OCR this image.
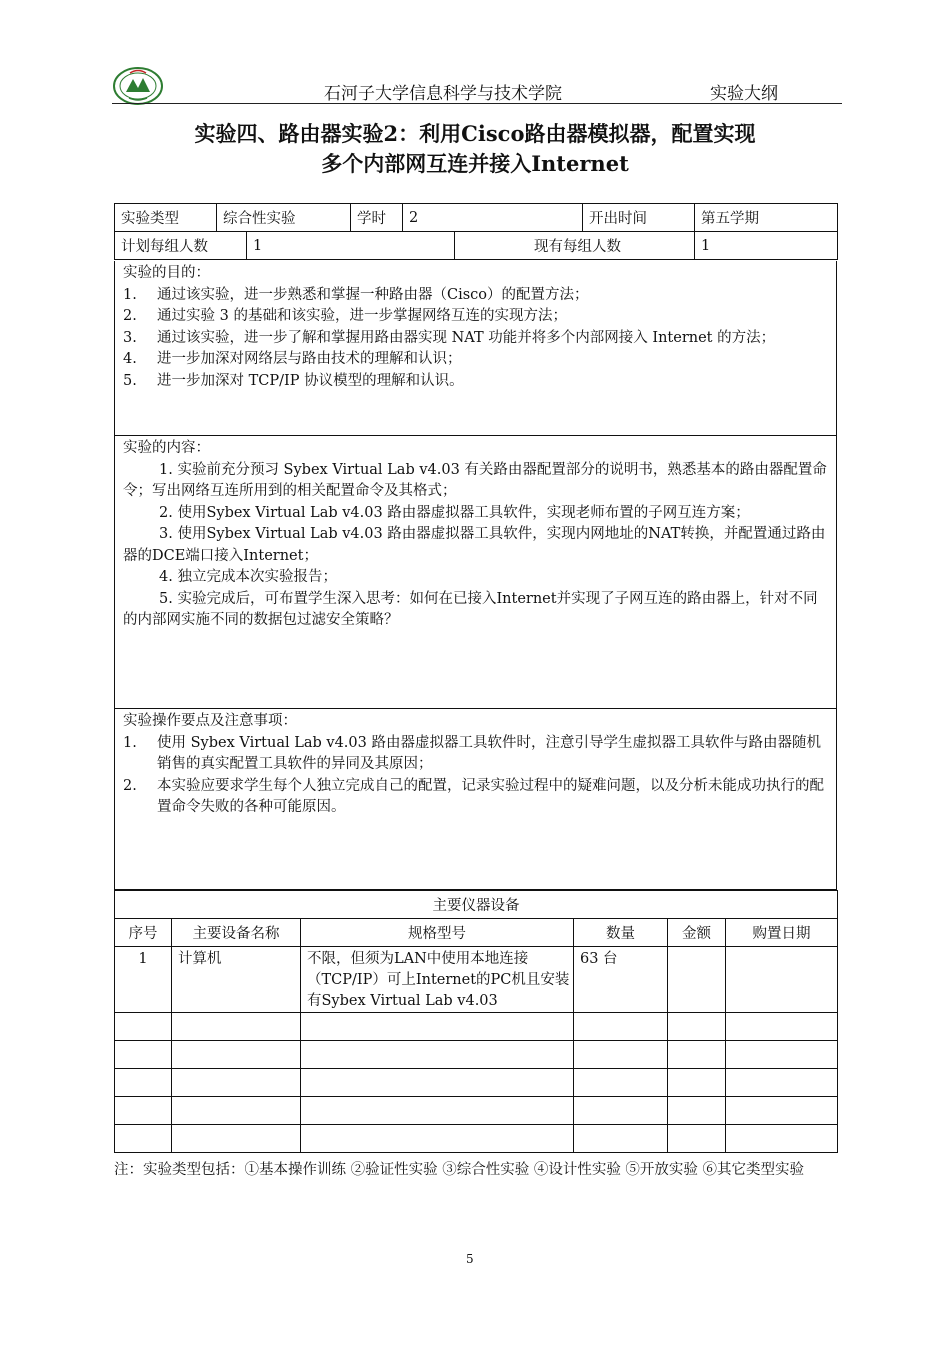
石河子大学信息科学与技术学院	实验大纲
实验四、路由器实验2：利用Cisco路由器模拟器，配置实现
多个内部网互连并接入Internet
实验类型	综合性实验		学时	2		开出时间	第五学期
计划每组人数		1			现有每组人数		1
实验的目的：
1.	通过该实验，进一步熟悉和掌握一种路由器（Cisco）的配置方法；
2.	通过实验 3 的基础和该实验，进一步掌握网络互连的实现方法；
3.	通过该实验，进一步了解和掌握用路由器实现 NAT 功能并将多个内部网接入 Internet 的方法；
4.	进一步加深对网络层与路由技术的理解和认识；
5.	进一步加深对 TCP/IP 协议模型的理解和认识。
实验的内容：
1. 实验前充分预习 Sybex Virtual Lab v4.03 有关路由器配置部分的说明书，熟悉基本的路由器配置命令；写出网络互连所用到的相关配置命令及其格式；
2. 使用Sybex Virtual Lab v4.03 路由器虚拟器工具软件，实现老师布置的子网互连方案；
3. 使用Sybex Virtual Lab v4.03 路由器虚拟器工具软件，实现内网地址的NAT转换，并配置通过路由器的DCE端口接入Internet；
4. 独立完成本次实验报告；
5. 实验完成后，可布置学生深入思考：如何在已接入Internet并实现了子网互连的路由器上，针对不同的内部网实施不同的数据包过滤安全策略？
实验操作要点及注意事项：
1.	使用 Sybex Virtual Lab v4.03 路由器虚拟器工具软件时，注意引导学生虚拟器工具软件与路由器随机销售的真实配置工具软件的异同及其原因；
2.	本实验应要求学生每个人独立完成自己的配置，记录实验过程中的疑难问题，以及分析未能成功执行的配置命令失败的各种可能原因。
主要仪器设备					
序号	主要设备名称	规格型号	数量	金额	购置日期
1	计算机	不限，但须为LAN中使用本地连接（TCP/IP）可上Internet的PC机且安装有Sybex Virtual Lab v4.03	63 台		

注：实验类型包括：①基本操作训练 ②验证性实验 ③综合性实验 ④设计性实验 ⑤开放实验 ⑥其它类型实验
5
